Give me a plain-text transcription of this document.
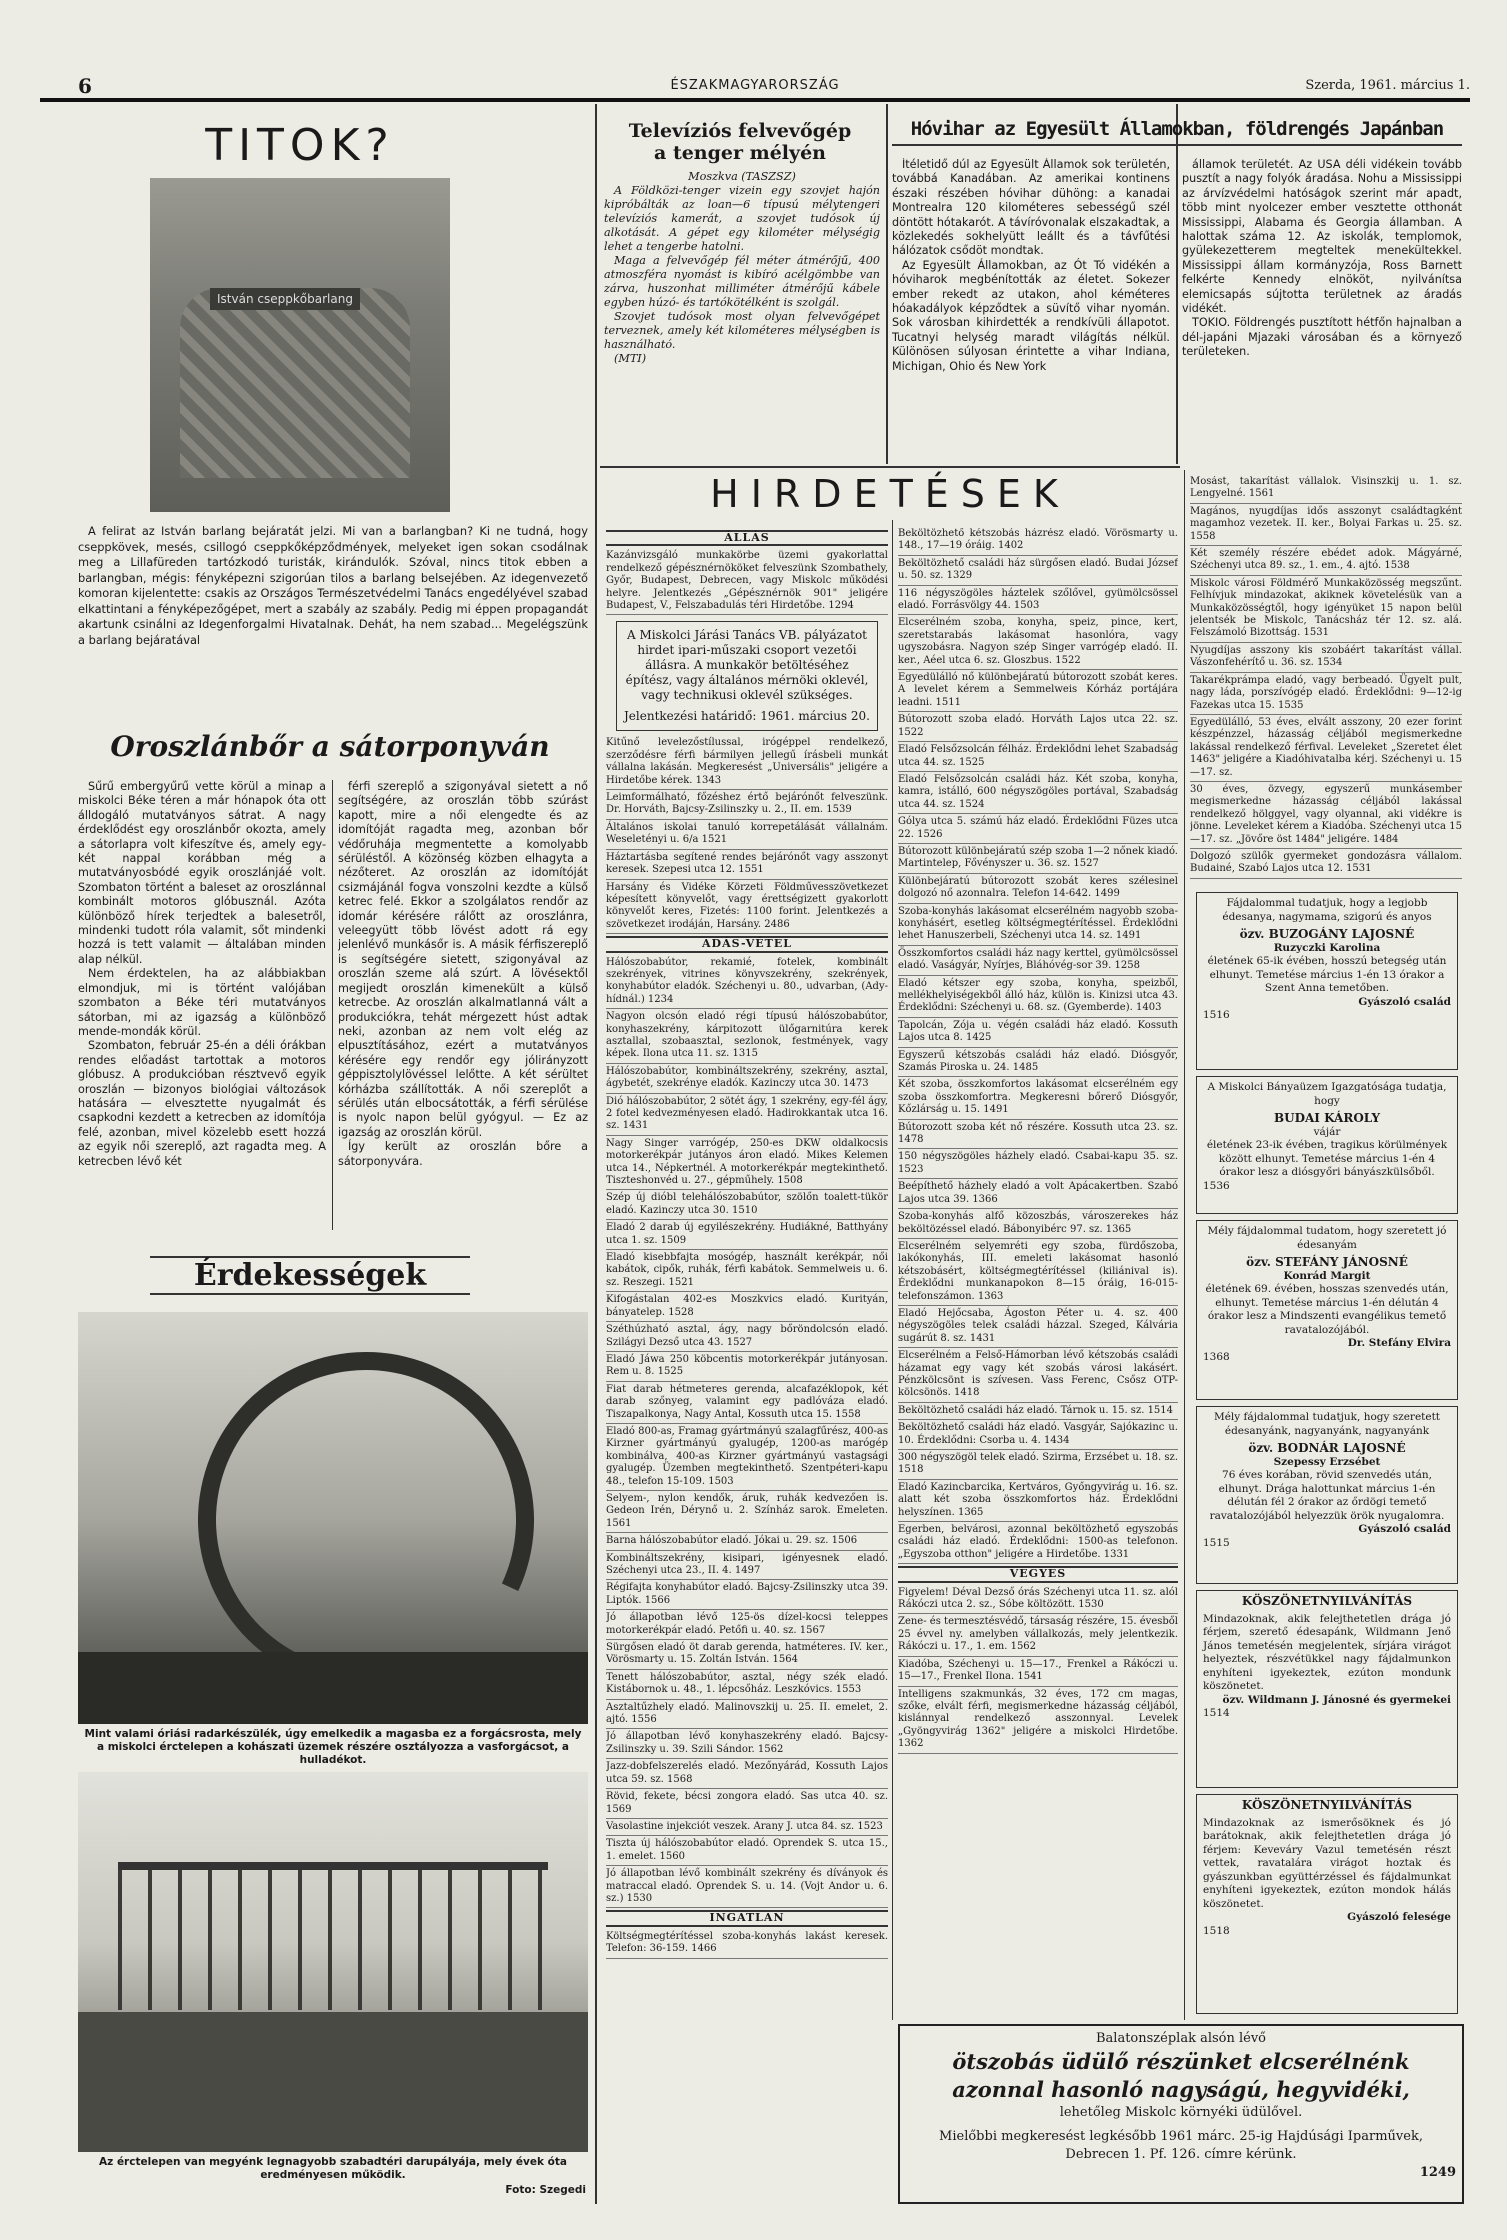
6	ÉSZAKMAGYARORSZÁG	Szerda, 1961. március 1.
TITOK?
István cseppkőbarlang

A felirat az István barlang bejáratát jelzi. Mi van a barlangban? Ki ne tudná, hogy cseppkövek, mesés, csillogó cseppkőképződmények, melyeket igen sokan csodálnak meg a Lillafüreden tartózkodó turisták, kirándulók. Szóval, nincs titok ebben a barlangban, mégis: fényképezni szigorúan tilos a barlang belsejében. Az idegenvezető komoran kijelentette: csakis az Országos Természetvédelmi Tanács engedélyével szabad elkattintani a fényképezőgépet, mert a szabály az szabály. Pedig mi éppen propagandát akartunk csinálni az Idegenforgalmi Hivatalnak. Dehát, ha nem szabad... Megelégszünk a barlang bejáratával

Oroszlánbőr a sátorponyván

Sűrű embergyűrű vette körül a minap a miskolci Béke téren a már hónapok óta ott álldogáló mutatványos sátrat. A nagy érdeklődést egy oroszlánbőr okozta, amely a sátorlapra volt kifeszítve és, amely egy-két nappal korábban még a mutatványosbódé egyik oroszlánjáé volt. Szombaton történt a baleset az oroszlánnal kombinált motoros glóbusznál. Azóta különböző hírek terjedtek a balesetről, mindenki tudott róla valamit, sőt mindenki hozzá is tett valamit — általában minden alap nélkül.

Nem érdektelen, ha az alábbiakban elmondjuk, mi is történt valójában szombaton a Béke téri mutatványos sátorban, mi az igazság a különböző mende-mondák körül.

Szombaton, február 25-én a déli órákban rendes előadást tartottak a motoros glóbusz. A produkcióban résztvevő egyik oroszlán — bizonyos biológiai változások hatására — elvesztette nyugalmát és csapkodni kezdett a ketrecben az idomítója felé, azonban, mivel közelebb esett hozzá az egyik női szereplő, azt ragadta meg. A ketrecben lévő két

férfi szereplő a szigonyával sietett a nő segítségére, az oroszlán több szúrást kapott, mire a női elengedte és az idomítóját ragadta meg, azonban bőr védőruhája megmentette a komolyabb sérüléstől. A közönség közben elhagyta a nézőteret. Az oroszlán az idomítóját csizmájánál fogva vonszolni kezdte a külső ketrec felé. Ekkor a szolgálatos rendőr az idomár kérésére rálőtt az oroszlánra, veleegyütt több lövést adott rá egy jelenlévő munkásőr is. A másik férfiszereplő is segítségére sietett, szigonyával az oroszlán szeme alá szúrt. A lövésektől megijedt oroszlán kimenekült a külső ketrecbe. Az oroszlán alkalmatlanná vált a produkciókra, tehát mérgezett húst adtak neki, azonban az nem volt elég az elpusztításához, ezért a mutatványos kérésére egy rendőr egy jólirányzott géppisztolylövéssel lelőtte. A két sérültet kórházba szállították. A női szereplőt a sérülés után elbocsátották, a férfi sérülése is nyolc napon belül gyógyul. — Ez az igazság az oroszlán körül.

Így került az oroszlán bőre a sátorponyvára.

Érdekességek
Mint valami óriási radarkészülék, úgy emelkedik a magasba ez a forgácsrosta, mely a miskolci érctelepen a kohászati üzemek részére osztályozza a vasforgácsot, a hulladékot.
Az érctelepen van megyénk legnagyobb szabadtéri darupályája, mely évek óta eredményesen működik.
Foto: Szegedi
Televíziós felvevőgép
a tenger mélyén

Moszkva (TASZSZ)

A Földközi-tenger vizein egy szovjet hajón kipróbálták az loan—6 típusú mélytengeri televíziós kamerát, a szovjet tudósok új alkotását. A gépet egy kilométer mélységig lehet a tengerbe hatolni.

Maga a felvevőgép fél méter átmérőjű, 400 atmoszféra nyomást is kibíró acélgömbbe van zárva, huszonhat milliméter átmérőjű kábele egyben húzó- és tartókötélként is szolgál.

Szovjet tudósok most olyan felvevőgépet terveznek, amely két kilométeres mélységben is használható.

(MTI)

Hóvihar az Egyesült Államokban, földrengés Japánban

Ítéletidő dúl az Egyesült Államok sok területén, továbbá Kanadában. Az amerikai kontinens északi részében hóvihar dühöng: a kanadai Montrealra 120 kilométeres sebességű szél döntött hótakarót. A távíróvonalak elszakadtak, a közlekedés sokhelyütt leállt és a távfűtési hálózatok csődöt mondtak.

Az Egyesült Államokban, az Ót Tó vidékén a hóviharok megbénították az életet. Sokezer ember rekedt az utakon, ahol kéméteres hóakadályok képződtek a süvítő vihar nyomán. Sok városban kihirdették a rendkívüli állapotot. Tucatnyi helység maradt világítás nélkül. Különösen súlyosan érintette a vihar Indiana, Michigan, Ohio és New York

államok területét. Az USA déli vidékein tovább pusztít a nagy folyók áradása. Nohu a Mississippi az árvízvédelmi hatóságok szerint már apadt, több mint nyolcezer ember vesztette otthonát Mississippi, Alabama és Georgia államban. A halottak száma 12. Az iskolák, templomok, gyülekezetterem megteltek menekültekkel. Mississippi állam kormányzója, Ross Barnett felkérte Kennedy elnököt, nyilvánítsa elemicsapás sújtotta területnek az áradás vidékét.

TOKIO. Földrengés pusztított hétfőn hajnalban a dél-japáni Mjazaki városában és a környező területeken.

HIRDETÉSEK
ÁLLÁS

Kazánvizsgáló munkakörbe üzemi gyakorlattal rendelkező gépésznérnököket felveszünk Szombathely, Győr, Budapest, Debrecen, vagy Miskolc működési helyre. Jelentkezés „Gépésznérnök 901" jeligére Budapest, V., Felszabadulás téri Hirdetőbe. 1294

A Miskolci Járási Tanács VB. pályázatot hirdet ipari-műszaki csoport vezetői állásra. A munkakör betöltéséhez építész, vagy általános mérnöki oklevél, vagy technikusi oklevél szükséges.
Jelentkezési határidő: 1961. március 20.

Kitűnő levelezőstílussal, irógéppel rendelkező, szerződésre férfi bármilyen jellegű írásbeli munkát vállalna lakásán. Megkeresést „Universális" jeligére a Hirdetőbe kérek. 1343

Leimformálható, főzéshez értő bejárónőt felveszünk. Dr. Horváth, Bajcsy-Zsilinszky u. 2., II. em. 1539

Általános iskolai tanuló korrepetálását vállalnám. Weseletényi u. 6/a 1521

Háztartásba segítené rendes bejárónőt vagy asszonyt keresek. Szepesi utca 12. 1551

Harsány és Vidéke Körzeti Földművesszövetkezet képesített könyvelőt, vagy érettségizett gyakorlott könyvelőt keres, Fizetés: 1100 forint. Jelentkezés a szövetkezet irodáján, Harsány. 2486

ADÁS-VÉTEL

Hálószobabútor, rekamié, fotelek, kombinált szekrények, vitrines könyvszekrény, szekrények, konyhabútor eladók. Széchenyi u. 80., udvarban, (Ady-hídnál.) 1234

Nagyon olcsón eladó régi típusú hálószobabútor, konyhaszekrény, kárpitozott ülőgarnitúra kerek asztallal, szobaasztal, sezlonok, festmények, vagy képek. Ilona utca 11. sz. 1315

Hálószobabútor, kombináltszekrény, szekrény, asztal, ágybetét, szekrénye eladók. Kazinczy utca 30. 1473

Dió hálószobabútor, 2 sötét ágy, 1 szekrény, egy-fél ágy, 2 fotel kedvezményesen eladó. Hadirokkantak utca 16. sz. 1431

Nagy Singer varrógép, 250-es DKW oldalkocsis motorkerékpár jutányos áron eladó. Mikes Kelemen utca 14., Népkertnél. A motorkerékpár megtekinthető. Tiszteshonvéd u. 27., gépműhely. 1508

Szép új dióbl telehálószobabútor, szölőn toalett-tükör eladó. Kazinczy utca 30. 1510

Eladó 2 darab új egyilészekrény. Hudiákné, Batthyány utca 1. sz. 1509

Eladó kisebbfajta mosógép, használt kerékpár, női kabátok, cipők, ruhák, férfi kabátok. Semmelweis u. 6. sz. Reszegi. 1521

Kifogástalan 402-es Moszkvics eladó. Kurityán, bányatelep. 1528

Széthúzható asztal, ágy, nagy bőröndolcsón eladó. Szilágyi Dezső utca 43. 1527

Eladó Jáwa 250 köbcentis motorkerékpár jutányosan. Rem u. 8. 1525

Fiat darab hétmeteres gerenda, alcafazéklopok, két darab szőnyeg, valamint egy padlóváza eladó. Tiszapalkonya, Nagy Antal, Kossuth utca 15. 1558

Eladó 800-as, Framag gyártmányú szalagfűrész, 400-as Kirzner gyártmányú gyalugép, 1200-as marógép kombinálva, 400-as Kirzner gyártmányú vastagsági gyalugép. Üzemben megtekinthető. Szentpéteri-kapu 48., telefon 15-109. 1503

Selyem-, nylon kendők, áruk, ruhák kedvezően is. Gedeon Irén, Dérynő u. 2. Színház sarok. Emeleten. 1561

Barna hálószobabútor eladó. Jókai u. 29. sz. 1506

Kombináltszekrény, kisipari, igényesnek eladó. Széchenyi utca 23., II. 4. 1497

Régifajta konyhabútor eladó. Bajcsy-Zsilinszky utca 39. Liptók. 1566

Jó állapotban lévő 125-ös dízel-kocsi teleppes motorkerékpár eladó. Petőfi u. 40. sz. 1567

Sürgősen eladó öt darab gerenda, hatméteres. IV. ker., Vörösmarty u. 15. Zoltán István. 1564

Tenett hálószobabútor, asztal, négy szék eladó. Kistábornok u. 48., 1. lépcsőház. Leszkóvics. 1553

Asztaltűzhely eladó. Malinovszkij u. 25. II. emelet, 2. ajtó. 1556

Jó állapotban lévő konyhaszekrény eladó. Bajcsy-Zsilinszky u. 39. Szili Sándor. 1562

Jazz-dobfelszerelés eladó. Mezőnyárád, Kossuth Lajos utca 59. sz. 1568

Rövid, fekete, bécsi zongora eladó. Sas utca 40. sz. 1569

Vasolastine injekciót veszek. Arany J. utca 84. sz. 1523

Tiszta új hálószobabútor eladó. Oprendek S. utca 15., 1. emelet. 1560

Jó állapotban lévő kombinált szekrény és díványok és matraccal eladó. Oprendek S. u. 14. (Vojt Andor u. 6. sz.) 1530

INGATLAN

Költségmegtérítéssel szoba-konyhás lakást keresek. Telefon: 36-159. 1466

Beköltözhető kétszobás házrész eladó. Vörösmarty u. 148., 17—19 óráig. 1402

Beköltözhető családi ház sürgősen eladó. Budai József u. 50. sz. 1329

116 négyszögöles háztelek szőlővel, gyümölcsössel eladó. Forrásvölgy 44. 1503

Elcserélném szoba, konyha, speiz, pince, kert, szeretstarabás lakásomat hasonlóra, vagy ugyszobásra. Nagyon szép Singer varrógép eladó. II. ker., Aéel utca 6. sz. Gloszbus. 1522

Egyedülálló nő különbejáratú bútorozott szobát keres. A levelet kérem a Semmelweis Kórház portájára leadni. 1511

Bútorozott szoba eladó. Horváth Lajos utca 22. sz. 1522

Eladó Felsőzsolcán félház. Érdeklődni lehet Szabadság utca 44. sz. 1525

Eladó Felsőzsolcán családi ház. Két szoba, konyha, kamra, istálló, 600 négyszögöles portával, Szabadság utca 44. sz. 1524

Gólya utca 5. számú ház eladó. Érdeklődni Füzes utca 22. 1526

Bútorozott különbejáratú szép szoba 1—2 nőnek kiadó. Martintelep, Fővényszer u. 36. sz. 1527

Különbejáratú bútorozott szobát keres szélesinel dolgozó nő azonnalra. Telefon 14-642. 1499

Szoba-konyhás lakásomat elcserélném nagyobb szoba-konyhásért, esetleg költségmegtérítéssel. Érdeklődni lehet Hanuszerbeli, Széchenyi utca 14. sz. 1491

Összkomfortos családi ház nagy kerttel, gyümölcsössel eladó. Vaságyár, Nyírjes, Bláhóvég-sor 39. 1258

Eladó kétszer egy szoba, konyha, speizből, mellékhelyiségekből álló ház, külön is. Kinizsi utca 43. Érdeklődni: Széchenyi u. 68. sz. (Gyemberde). 1403

Tapolcán, Zója u. végén családi ház eladó. Kossuth Lajos utca 8. 1425

Egyszerű kétszobás családi ház eladó. Diósgyőr, Szamás Piroska u. 24. 1485

Két szoba, összkomfortos lakásomat elcserélném egy szoba összkomfortra. Megkeresni bőrerő Diósgyőr, Kőzlárság u. 15. 1491

Bútorozott szoba két nő részére. Kossuth utca 23. sz. 1478

150 négyszögöles házhely eladó. Csabai-kapu 35. sz. 1523

Beépíthető házhely eladó a volt Apácakertben. Szabó Lajos utca 39. 1366

Szoba-konyhás alfő közoszbás, városzerekes ház beköltözéssel eladó. Bábonyibérc 97. sz. 1365

Elcserélném selyemréti egy szoba, fürdőszoba, lakókonyhás, III. emeleti lakásomat hasonló kétszobásért, költségmegtérítéssel (kiliánival is). Érdeklődni munkanapokon 8—15 óráig, 16-015-telefonszámon. 1363

Eladó Hejőcsaba, Ágoston Péter u. 4. sz. 400 négyszögöles telek családi házzal. Szeged, Kálvária sugárút 8. sz. 1431

Elcserélném a Felső-Hámorban lévő kétszobás családi házamat egy vagy két szobás városi lakásért. Pénzkölcsönt is szívesen. Vass Ferenc, Csősz OTP-kölcsönös. 1418

Beköltözhető családi ház eladó. Tárnok u. 15. sz. 1514

Beköltözhető családi ház eladó. Vasgyár, Sajókazinc u. 10. Érdeklődni: Csorba u. 4. 1434

300 négyszögöl telek eladó. Szirma, Erzsébet u. 18. sz. 1518

Eladó Kazincbarcika, Kertváros, Győngyvirág u. 16. sz. alatt két szoba összkomfortos ház. Érdeklődni helyszínen. 1365

Egerben, belvárosi, azonnal beköltözhető egyszobás családi ház eladó. Érdeklődni: 1500-as telefonon. „Egyszoba otthon" jeligére a Hirdetőbe. 1331

VEGYES

Figyelem! Déval Dezső órás Széchenyi utca 11. sz. alól Rákóczi utca 2. sz., Sóbe költözött. 1530

Zene- és termesztésvédő, társaság részére, 15. évesből 25 évvel ny. amelyben vállalkozás, mely jelentkezik. Rákóczi u. 17., 1. em. 1562

Kiadóba, Széchenyi u. 15—17., Frenkel a Rákóczi u. 15—17., Frenkel Ilona. 1541

Intelligens szakmunkás, 32 éves, 172 cm magas, szőke, elvált férfi, megismerkedne házasság céljából, kislánnyal rendelkező asszonnyal. Levelek „Gyöngyvirág 1362" jeligére a miskolci Hirdetőbe. 1362

Mosást, takarítást vállalok. Visinszkij u. 1. sz. Lengyelné. 1561

Magános, nyugdíjas idős asszonyt családtagként magamhoz vezetek. II. ker., Bolyai Farkas u. 25. sz. 1558

Két személy részére ebédet adok. Mágyárné, Széchenyi utca 89. sz., 1. em., 4. ajtó. 1538

Miskolc városi Földmérő Munkaközösség megszűnt. Felhívjuk mindazokat, akiknek követelésük van a Munkaközösségtől, hogy igényüket 15 napon belül jelentsék be Miskolc, Tanácsház tér 12. sz. alá. Felszámoló Bizottság. 1531

Nyugdíjas asszony kis szobáért takarítást vállal. Vászonfehérítő u. 36. sz. 1534

Takarékprámpa eladó, vagy berbeadó. Ügyelt pult, nagy láda, porszívógép eladó. Érdeklődni: 9—12-ig Fazekas utca 15. 1535

Egyedülálló, 53 éves, elvált asszony, 20 ezer forint készpénzzel, házasság céljából megismerkedne lakással rendelkező férfival. Leveleket „Szeretet élet 1463" jeligére a Kiadóhivatalba kérj. Széchenyi u. 15—17. sz.

30 éves, özvegy, egyszerű munkásember megismerkedne házasság céljából lakással rendelkező hölggyel, vagy olyannal, aki vidékre is jönne. Leveleket kérem a Kiadóba. Széchenyi utca 15—17. sz. „Jövőre öst 1484" jeligére. 1484

Dolgozó szülők gyermeket gondozásra vállalom. Budainé, Szabó Lajos utca 12. 1531

Fájdalommal tudatjuk, hogy a legjobb édesanya, nagymama, szigorú és anyos
özv. BUZOGÁNY LAJOSNÉ
Ruzyczki Karolina
életének 65-ik évében, hosszú betegség után elhunyt. Temetése március 1-én 13 órakor a Szent Anna temetőben.
Gyászoló család
1516
A Miskolci Bányaüzem Igazgatósága tudatja, hogy
BUDAI KÁROLY
vájár
életének 23-ik évében, tragikus körülmények között elhunyt. Temetése március 1-én 4 órakor lesz a diósgyőri bányászkülsőből.
1536
Mély fájdalommal tudatom, hogy szeretett jó édesanyám
özv. STEFÁNY JÁNOSNÉ
Konrád Margit
életének 69. évében, hosszas szenvedés után, elhunyt. Temetése március 1-én délután 4 órakor lesz a Mindszenti evangélikus temető ravatalozójából.
Dr. Stefány Elvira
1368
Mély fájdalommal tudatjuk, hogy szeretett édesanyánk, nagyanyánk, nagyanyánk
özv. BODNÁR LAJOSNÉ
Szepessy Erzsébet
76 éves korában, rövid szenvedés után, elhunyt. Drága halottunkat március 1-én délután fél 2 órakor az őrdögi temető ravatalozójából helyezzük örök nyugalomra.
Gyászoló család
1515
KÖSZÖNETNYILVÁNÍTÁS
Mindazoknak, akik felejthetetlen drága jó férjem, szerető édesapánk, Wildmann Jenő János temetésén megjelentek, sírjára virágot helyeztek, részvétükkel nagy fájdalmunkon enyhíteni igyekeztek, ezúton mondunk köszönetet.
özv. Wildmann J. Jánosné és gyermekei
1514
KÖSZÖNETNYILVÁNÍTÁS
Mindazoknak az ismerősöknek és jó barátoknak, akik felejthetetlen drága jó férjem: Keveváry Vazul temetésén részt vettek, ravatalára virágot hoztak és gyászunkban együttérzéssel és fájdalmunkat enyhíteni igyekeztek, ezúton mondok hálás köszönetet.
Gyászoló felesége
1518
Balatonszéplak alsón lévő
ötszobás üdülő részünket elcserélnénk
azonnal hasonló nagyságú, hegyvidéki,
lehetőleg Miskolc környéki üdülővel.
Mielőbbi megkeresést legkésőbb 1961 márc. 25-ig Hajdúsági Iparművek, Debrecen 1. Pf. 126. címre kérünk.
1249
